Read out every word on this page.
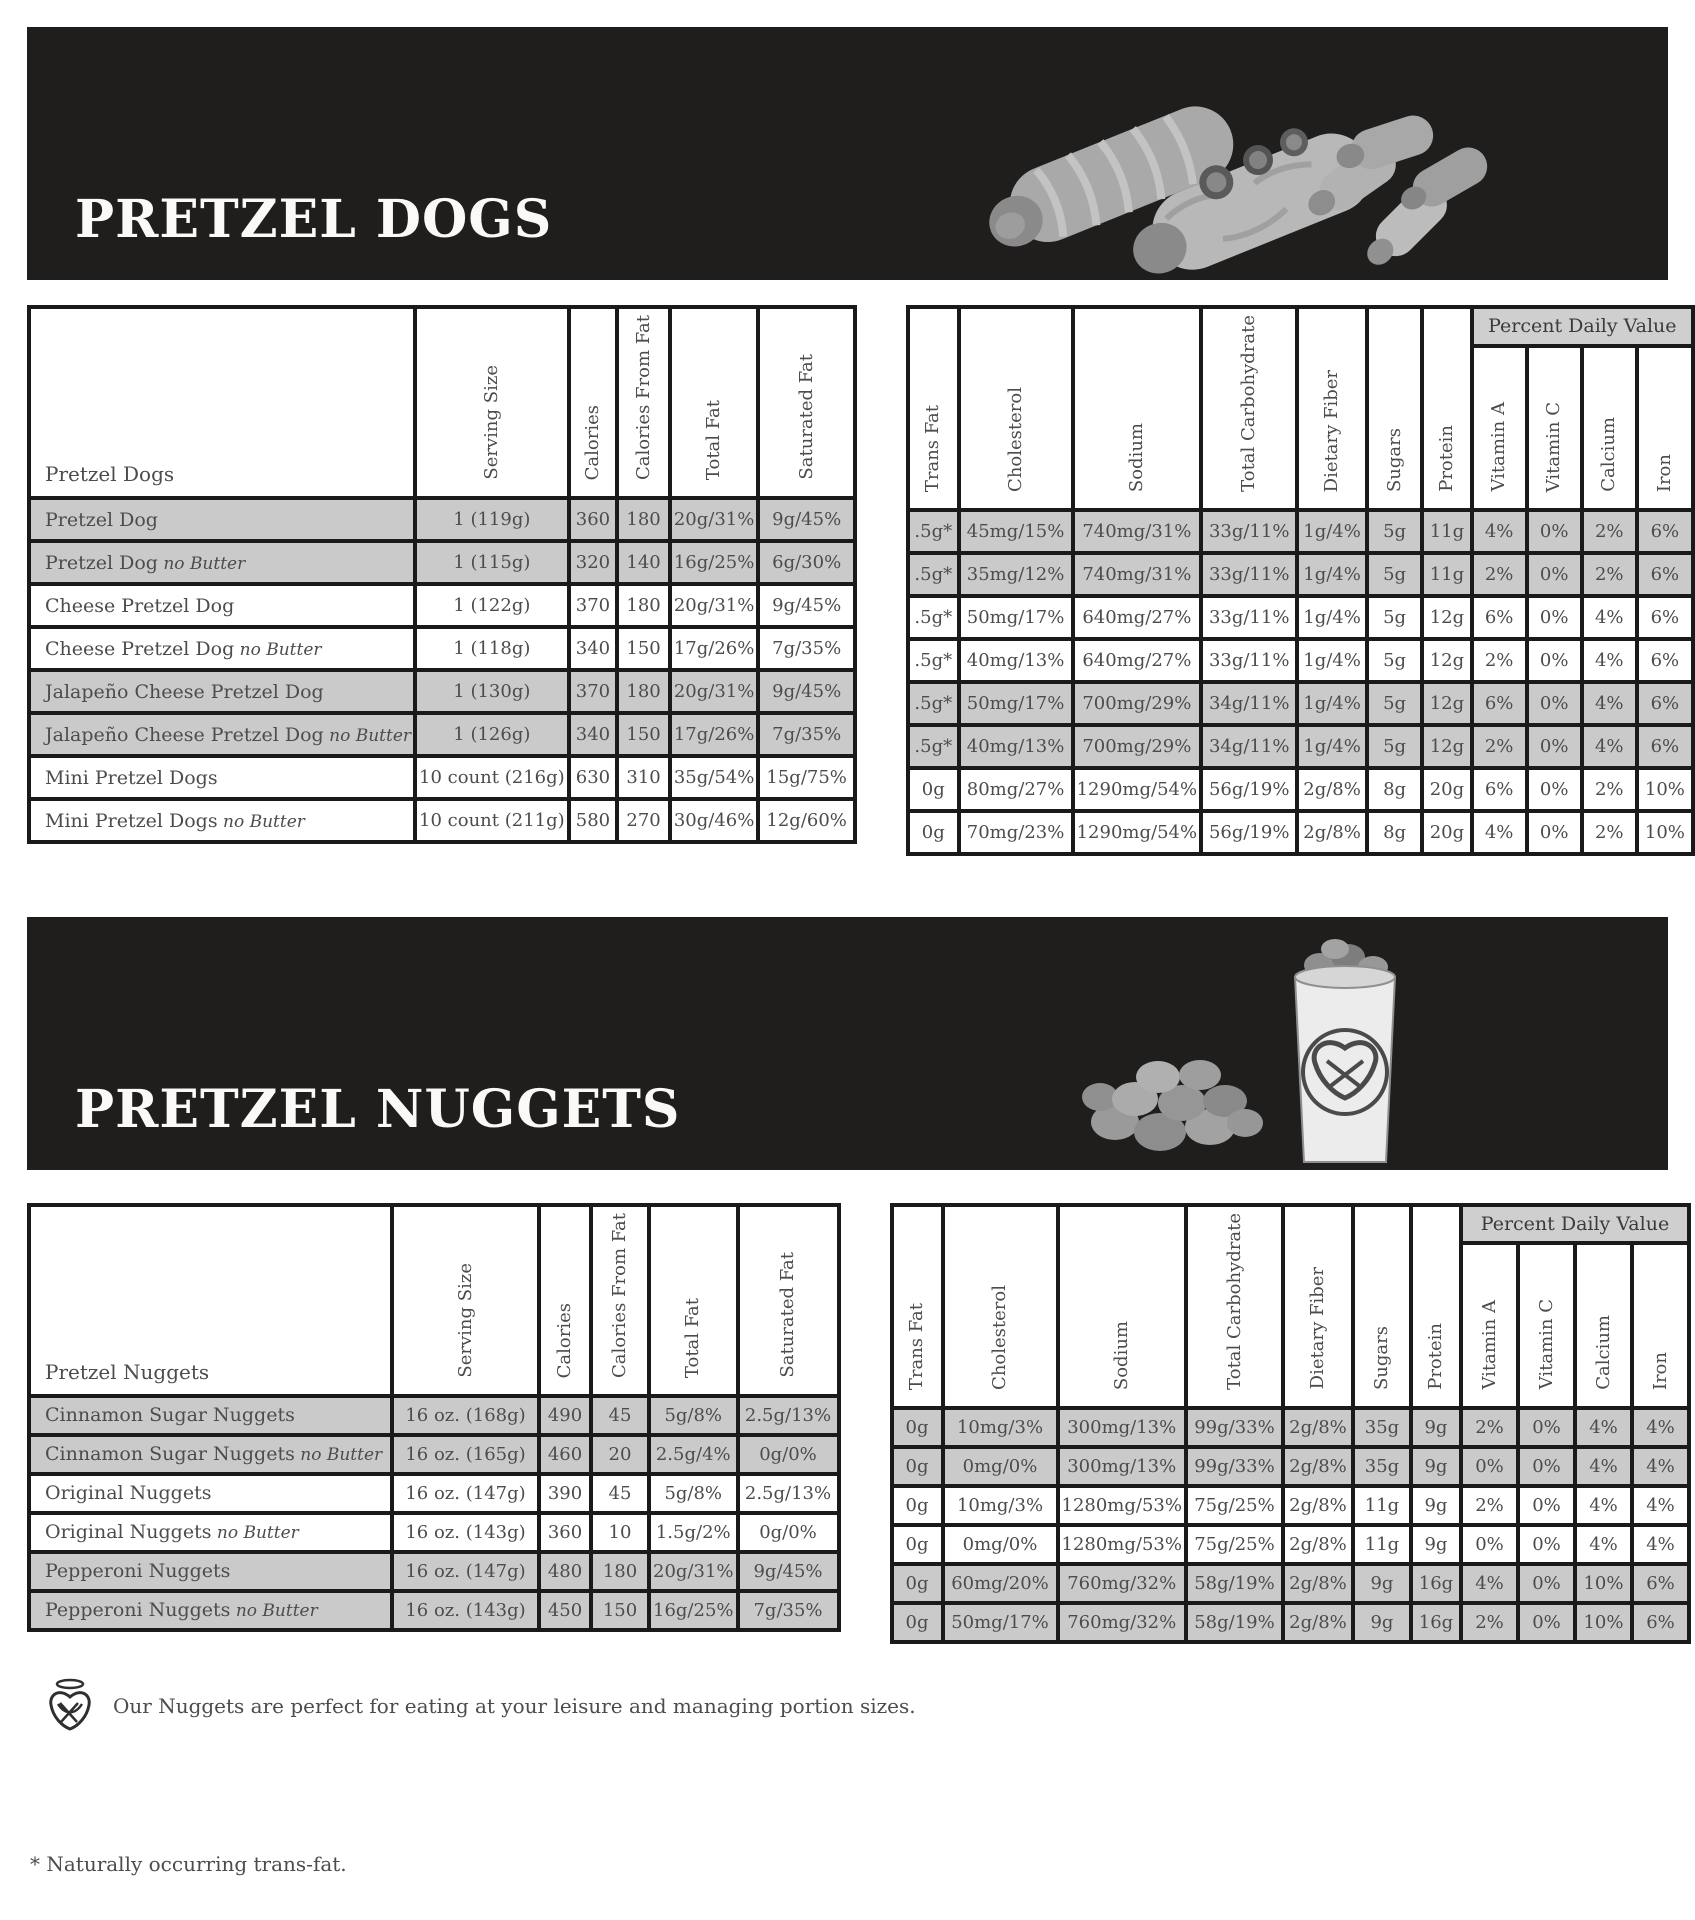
PRETZEL DOGS
Pretzel Dogs	Serving Size	Calories	Calories From Fat	Total Fat	Saturated Fat
Pretzel Dog	1 (119g)	360	180	20g/31%	9g/45%
Pretzel Dog no Butter	1 (115g)	320	140	16g/25%	6g/30%
Cheese Pretzel Dog	1 (122g)	370	180	20g/31%	9g/45%
Cheese Pretzel Dog no Butter	1 (118g)	340	150	17g/26%	7g/35%
Jalapeño Cheese Pretzel Dog	1 (130g)	370	180	20g/31%	9g/45%
Jalapeño Cheese Pretzel Dog no Butter	1 (126g)	340	150	17g/26%	7g/35%
Mini Pretzel Dogs	10 count (216g)	630	310	35g/54%	15g/75%
Mini Pretzel Dogs no Butter	10 count (211g)	580	270	30g/46%	12g/60%
Trans Fat	Cholesterol	Sodium	Total Carbohydrate	Dietary Fiber	Sugars	Protein	Percent Daily Value			
							Vitamin A	Vitamin C	Calcium	Iron
.5g*	45mg/15%	740mg/31%	33g/11%	1g/4%	5g	11g	4%	0%	2%	6%
.5g*	35mg/12%	740mg/31%	33g/11%	1g/4%	5g	11g	2%	0%	2%	6%
.5g*	50mg/17%	640mg/27%	33g/11%	1g/4%	5g	12g	6%	0%	4%	6%
.5g*	40mg/13%	640mg/27%	33g/11%	1g/4%	5g	12g	2%	0%	4%	6%
.5g*	50mg/17%	700mg/29%	34g/11%	1g/4%	5g	12g	6%	0%	4%	6%
.5g*	40mg/13%	700mg/29%	34g/11%	1g/4%	5g	12g	2%	0%	4%	6%
0g	80mg/27%	1290mg/54%	56g/19%	2g/8%	8g	20g	6%	0%	2%	10%
0g	70mg/23%	1290mg/54%	56g/19%	2g/8%	8g	20g	4%	0%	2%	10%
PRETZEL NUGGETS
Pretzel Nuggets	Serving Size	Calories	Calories From Fat	Total Fat	Saturated Fat
Cinnamon Sugar Nuggets	16 oz. (168g)	490	45	5g/8%	2.5g/13%
Cinnamon Sugar Nuggets no Butter	16 oz. (165g)	460	20	2.5g/4%	0g/0%
Original Nuggets	16 oz. (147g)	390	45	5g/8%	2.5g/13%
Original Nuggets no Butter	16 oz. (143g)	360	10	1.5g/2%	0g/0%
Pepperoni Nuggets	16 oz. (147g)	480	180	20g/31%	9g/45%
Pepperoni Nuggets no Butter	16 oz. (143g)	450	150	16g/25%	7g/35%
Trans Fat	Cholesterol	Sodium	Total Carbohydrate	Dietary Fiber	Sugars	Protein	Percent Daily Value			
							Vitamin A	Vitamin C	Calcium	Iron
0g	10mg/3%	300mg/13%	99g/33%	2g/8%	35g	9g	2%	0%	4%	4%
0g	0mg/0%	300mg/13%	99g/33%	2g/8%	35g	9g	0%	0%	4%	4%
0g	10mg/3%	1280mg/53%	75g/25%	2g/8%	11g	9g	2%	0%	4%	4%
0g	0mg/0%	1280mg/53%	75g/25%	2g/8%	11g	9g	0%	0%	4%	4%
0g	60mg/20%	760mg/32%	58g/19%	2g/8%	9g	16g	4%	0%	10%	6%
0g	50mg/17%	760mg/32%	58g/19%	2g/8%	9g	16g	2%	0%	10%	6%
Our Nuggets are perfect for eating at your leisure and managing portion sizes.
* Naturally occurring trans-fat.
